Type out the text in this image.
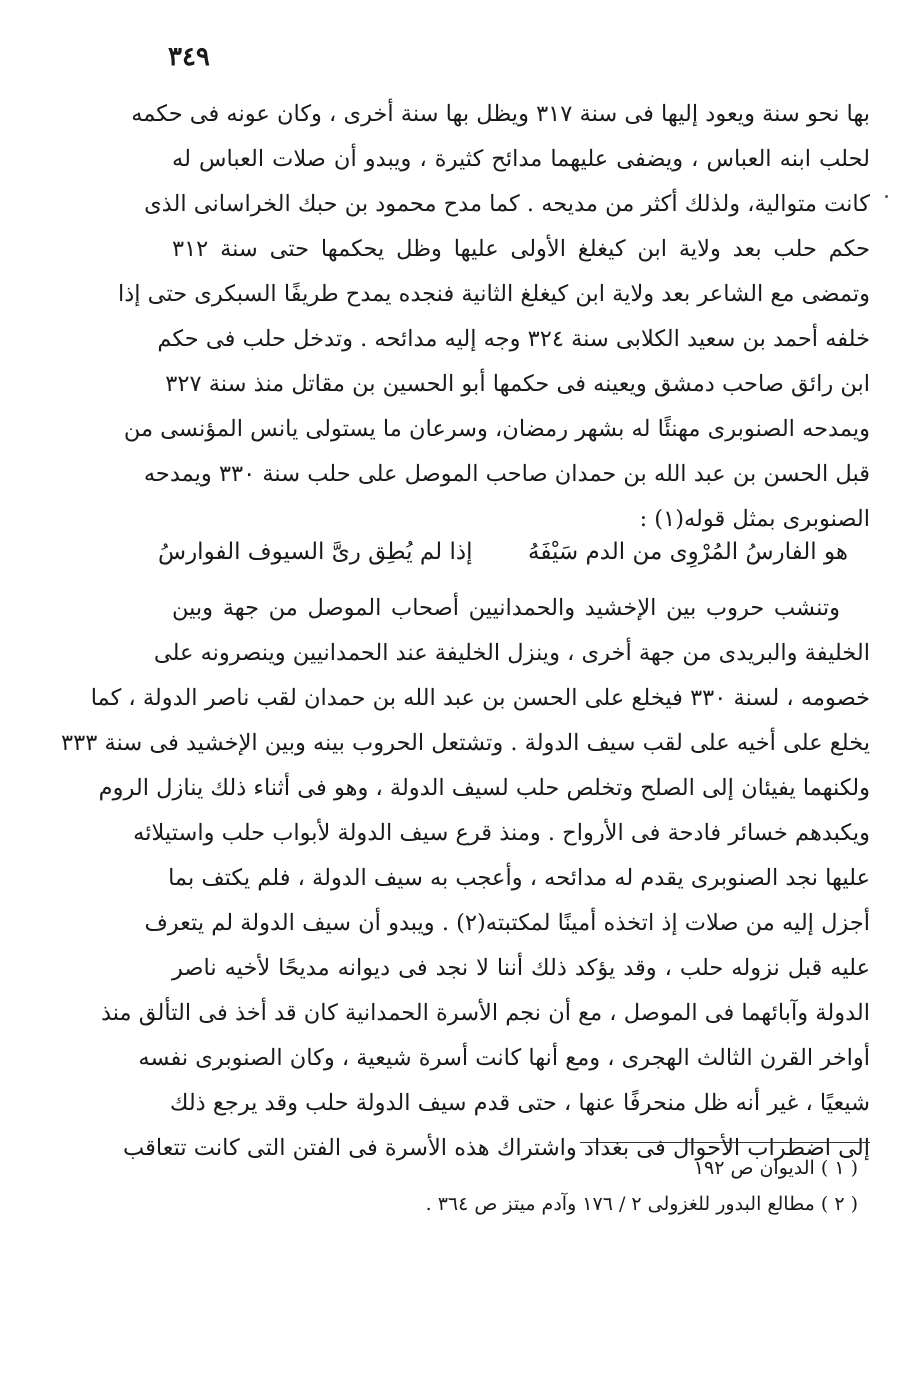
٣٤٩
بها نحو سنة ويعود إليها فى سنة ٣١٧ ويظل بها سنة أخرى ، وكان عونه فى حكمه
لحلب ابنه العباس ، ويضفى عليهما مدائح كثيرة ، ويبدو أن صلات العباس له
كانت متوالية، ولذلك أكثر من مديحه . كما مدح محمود بن حبك الخراسانى الذى
حكم حلب بعد ولاية ابن كيغلغ الأولى عليها وظل يحكمها حتى سنة ٣١٢
وتمضى مع الشاعر بعد ولاية ابن كيغلغ الثانية فنجده يمدح طريفًا السبكرى حتى إذا
خلفه أحمد بن سعيد الكلابى سنة ٣٢٤ وجه إليه مدائحه . وتدخل حلب فى حكم
ابن رائق صاحب دمشق ويعينه فى حكمها أبو الحسين بن مقاتل منذ سنة ٣٢٧
ويمدحه الصنوبرى مهنئًا له بشهر رمضان، وسرعان ما يستولى يانس المؤنسى من
قبل الحسن بن عبد الله بن حمدان صاحب الموصل على حلب سنة ٣٣٠ ويمدحه
الصنوبرى بمثل قوله(١) :
هو الفارسُ المُرْوِى من الدم سَيْفَهُ
إذا لم يُطِق رىَّ السيوف الفوارسُ
وتنشب حروب بين الإخشيد والحمدانيين أصحاب الموصل من جهة وبين
الخليفة والبريدى من جهة أخرى ، وينزل الخليفة عند الحمدانيين وينصرونه على
خصومه ، لسنة ٣٣٠ فيخلع على الحسن بن عبد الله بن حمدان لقب ناصر الدولة ، كما
يخلع على أخيه على لقب سيف الدولة . وتشتعل الحروب بينه وبين الإخشيد فى سنة ٣٣٣
ولكنهما يفيئان إلى الصلح وتخلص حلب لسيف الدولة ، وهو فى أثناء ذلك ينازل الروم
ويكبدهم خسائر فادحة فى الأرواح . ومنذ قرع سيف الدولة لأبواب حلب واستيلائه
عليها نجد الصنوبرى يقدم له مدائحه ، وأعجب به سيف الدولة ، فلم يكتف بما
أجزل إليه من صلات إذ اتخذه أمينًا لمكتبته(٢) . ويبدو أن سيف الدولة لم يتعرف
عليه قبل نزوله حلب ، وقد يؤكد ذلك أننا لا نجد فى ديوانه مديحًا لأخيه ناصر
الدولة وآبائهما فى الموصل ، مع أن نجم الأسرة الحمدانية كان قد أخذ فى التألق منذ
أواخر القرن الثالث الهجرى ، ومع أنها كانت أسرة شيعية ، وكان الصنوبرى نفسه
شيعيًا ، غير أنه ظل منحرفًا عنها ، حتى قدم سيف الدولة حلب وقد يرجع ذلك
إلى اضطراب الأحوال فى بغداد واشتراك هذه الأسرة فى الفتن التى كانت تتعاقب
( ١ ) الديوان ص ١٩٢
( ٢ ) مطالع البدور للغزولى ٢ / ١٧٦ وآدم ميتز ص ٣٦٤ .
